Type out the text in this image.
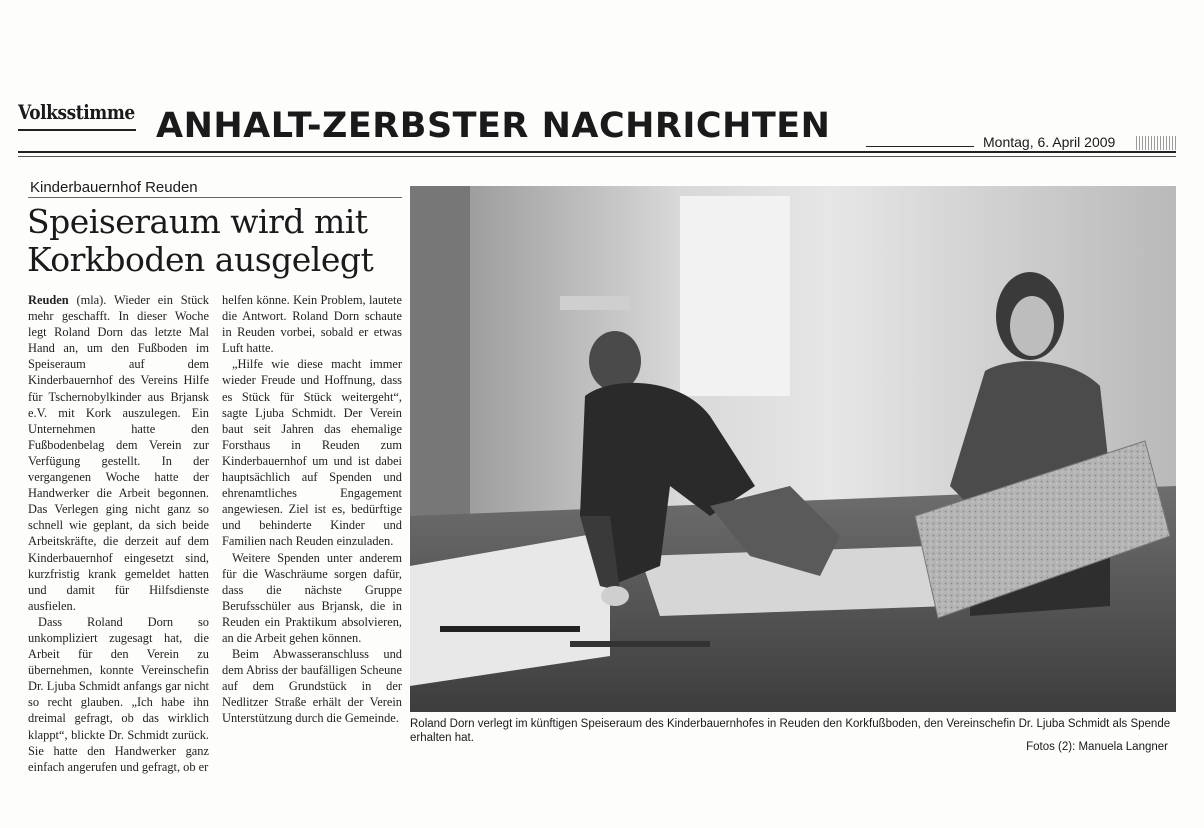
Volksstimme ANHALT-ZERBSTER NACHRICHTEN	Montag, 6. April 2009
Kinderbauernhof Reuden
Speiseraum wird mit Korkboden ausgelegt

Reuden (mla). Wieder ein Stück mehr geschafft. In dieser Woche legt Roland Dorn das letzte Mal Hand an, um den Fußboden im Speiseraum auf dem Kinderbauernhof des Vereins Hilfe für Tschernobylkinder aus Brjansk e.V. mit Kork auszulegen. Ein Unternehmen hatte den Fußbodenbelag dem Verein zur Verfügung gestellt. In der vergangenen Woche hatte der Handwerker die Arbeit begonnen. Das Verlegen ging nicht ganz so schnell wie geplant, da sich beide Arbeitskräfte, die derzeit auf dem Kinderbauernhof eingesetzt sind, kurzfristig krank gemeldet hatten und damit für Hilfsdienste ausfielen.

Dass Roland Dorn so unkompliziert zugesagt hat, die Arbeit für den Verein zu übernehmen, konnte Vereinschefin Dr. Ljuba Schmidt anfangs gar nicht so recht glauben. „Ich habe ihn dreimal gefragt, ob das wirklich klappt“, blickte Dr. Schmidt zurück. Sie hatte den Handwerker ganz einfach angerufen und gefragt, ob er

helfen könne. Kein Problem, lautete die Antwort. Roland Dorn schaute in Reuden vorbei, sobald er etwas Luft hatte.

„Hilfe wie diese macht immer wieder Freude und Hoffnung, dass es Stück für Stück weitergeht“, sagte Ljuba Schmidt. Der Verein baut seit Jahren das ehemalige Forsthaus in Reuden zum Kinderbauernhof um und ist dabei hauptsächlich auf Spenden und ehrenamtliches Engagement angewiesen. Ziel ist es, bedürftige und behinderte Kinder und Familien nach Reuden einzuladen.

Weitere Spenden unter anderem für die Waschräume sorgen dafür, dass die nächste Gruppe Berufsschüler aus Brjansk, die in Reuden ein Praktikum absolvieren, an die Arbeit gehen können.

Beim Abwasseranschluss und dem Abriss der baufälligen Scheune auf dem Grundstück in der Nedlitzer Straße erhält der Verein Unterstützung durch die Gemeinde. Roland Dorn verlegt im künftigen Speiseraum des Kinderbauernhofes in Reuden den Korkfußboden, den Vereinschefin Dr. Ljuba Schmidt als Spende erhalten hat.
Fotos (2): Manuela Langner
